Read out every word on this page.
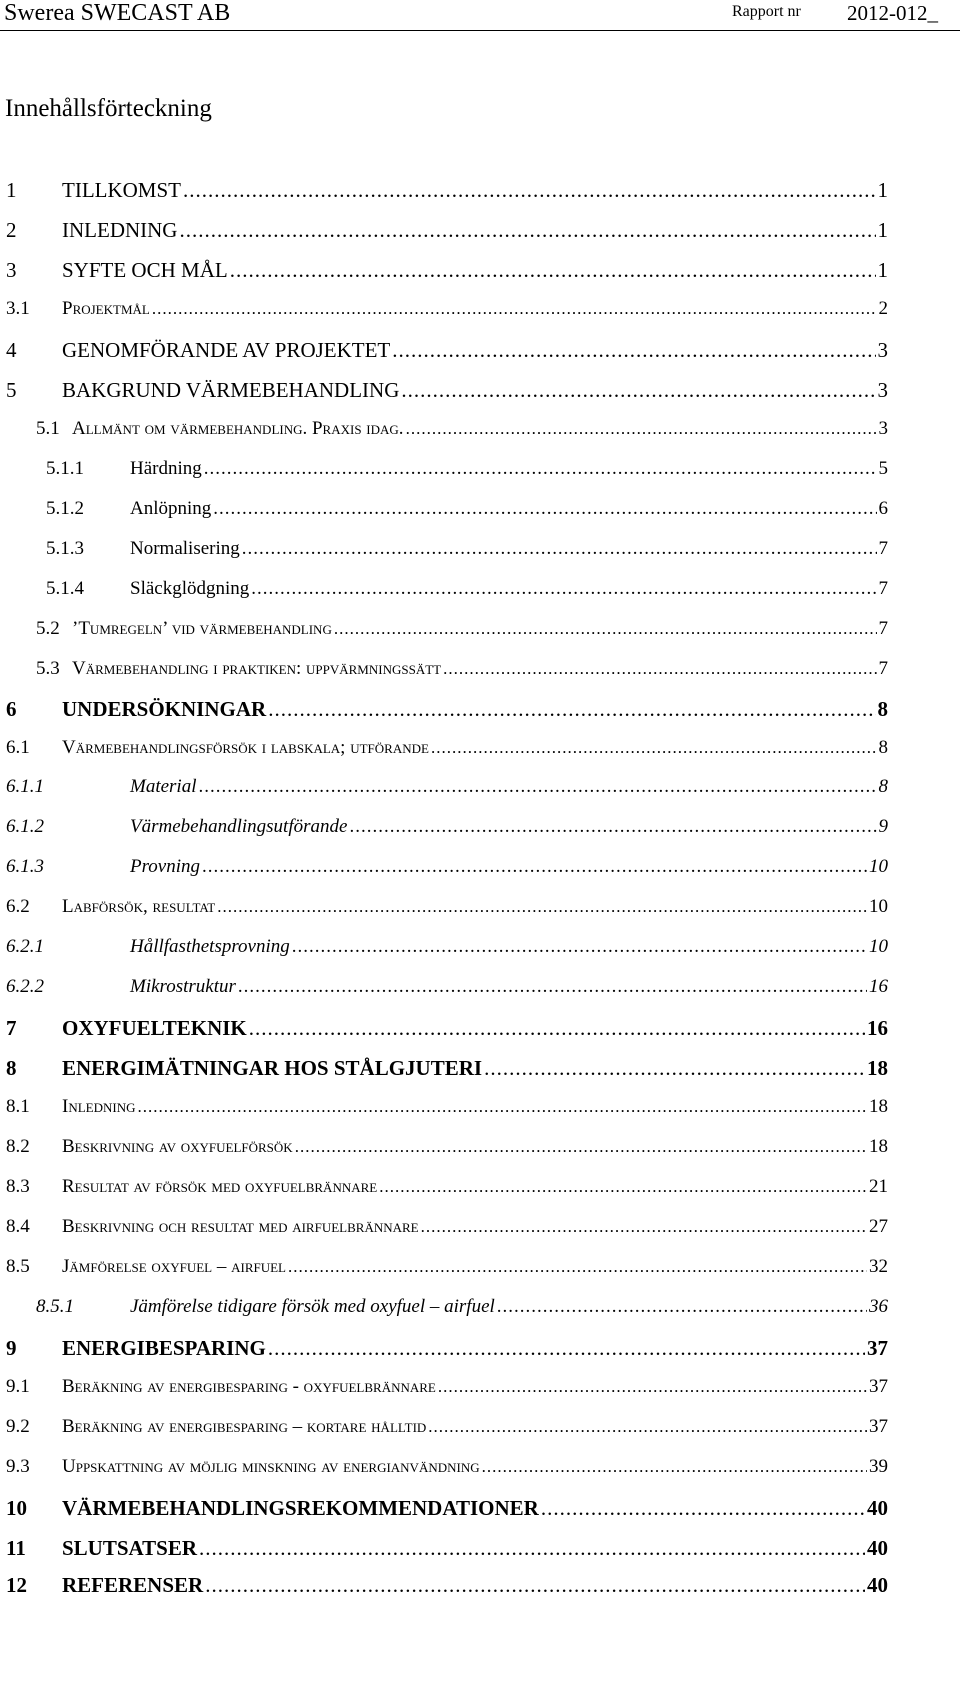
Swerea SWECAST AB	Rapport nr 2012-012_
Innehållsförteckning
1	TILLKOMST .....	1
2	INLEDNING .....	1
3	SYFTE OCH MÅL .....	1
3.1	Projektmål .....	2
4	GENOMFÖRANDE AV PROJEKTET .....	3
5	BAKGRUND VÄRMEBEHANDLING .....	3
5.1 Allmänt om värmebehandling. Praxis idag. .....	3
5.1.1	Härdning .....	5
5.1.2	Anlöpning .....	6
5.1.3	Normalisering .....	7
5.1.4	Släckglödgning .....	7
5.2 ’Tumregeln’ vid värmebehandling .....	7
5.3 Värmebehandling i praktiken: uppvärmningssätt .....	7
6	UNDERSÖKNINGAR .....	8
6.1	Värmebehandlingsförsök i labskala; utförande .....	8
6.1.1	Material .....	8
6.1.2	Värmebehandlingsutförande .....	9
6.1.3	Provning .....	10
6.2	Labförsök, resultat .....	10
6.2.1	Hållfasthetsprovning .....	10
6.2.2	Mikrostruktur .....	16
7	OXYFUELTEKNIK .....	16
8	ENERGIMÄTNINGAR HOS STÅLGJUTERI .....	18
8.1	Inledning .....	18
8.2	Beskrivning av oxyfuelförsök .....	18
8.3	Resultat av försök med oxyfuelbrännare .....	21
8.4	Beskrivning och resultat med airfuelbrännare .....	27
8.5	Jämförelse oxyfuel – airfuel .....	32
8.5.1	Jämförelse tidigare försök med oxyfuel – airfuel .....	36
9	ENERGIBESPARING .....	37
9.1	Beräkning av energibesparing - oxyfuelbrännare .....	37
9.2	Beräkning av energibesparing – kortare hålltid .....	37
9.3	Uppskattning av möjlig minskning av energianvändning .....	39
10	VÄRMEBEHANDLINGSREKOMMENDATIONER .....	40
11	SLUTSATSER .....	40
12	REFERENSER .....	40
